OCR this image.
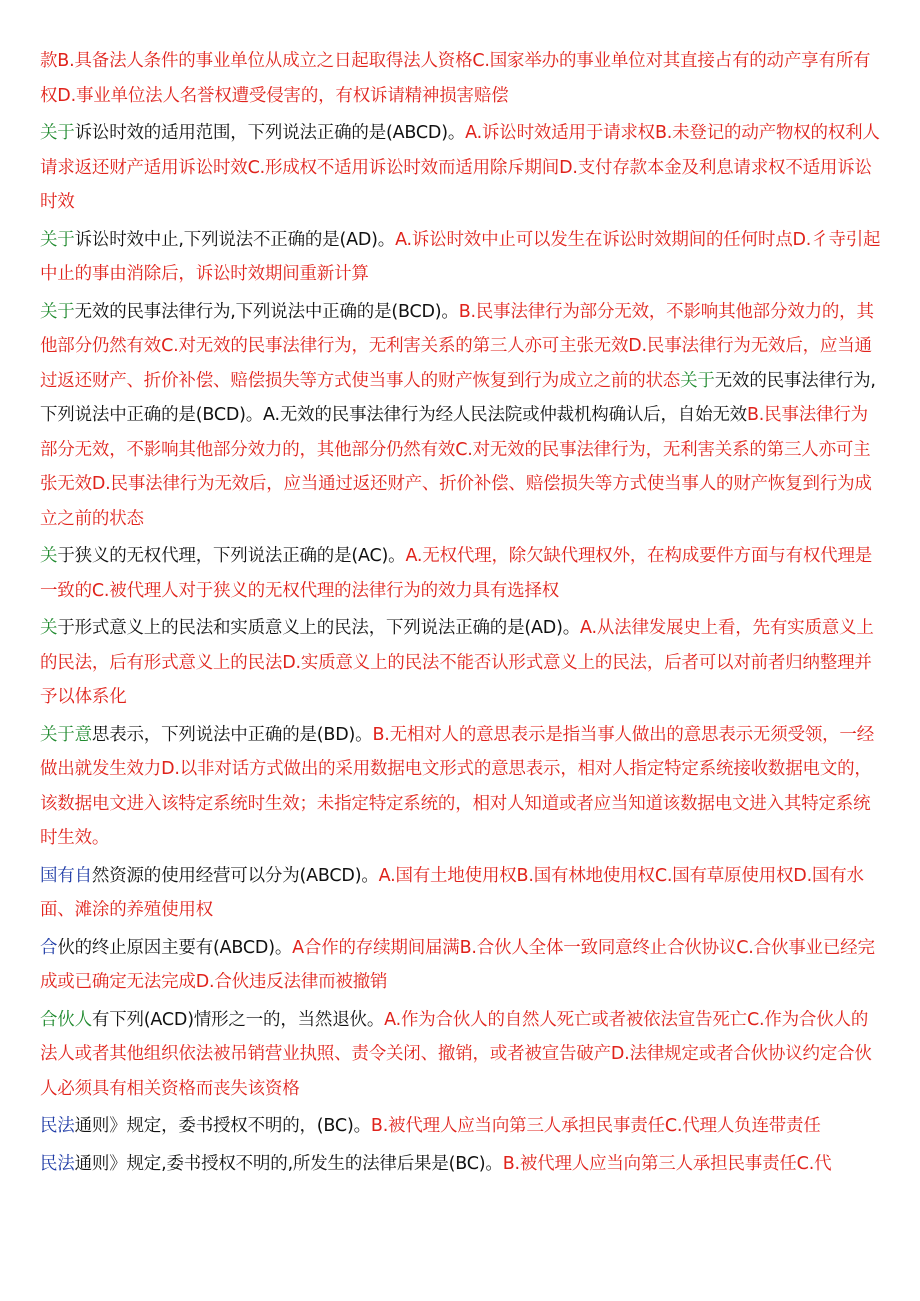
款B.具备法人条件的事业单位从成立之日起取得法人资格C.国家举办的事业单位对其直接占有的动产享有所有权D.事业单位法人名誉权遭受侵害的，有权诉请精神损害赔偿

关于诉讼时效的适用范围，下列说法正确的是(ABCD)。A.诉讼时效适用于请求权B.未登记的动产物权的权利人请求返还财产适用诉讼时效C.形成权不适用诉讼时效而适用除斥期间D.支付存款本金及利息请求权不适用诉讼时效

关于诉讼时效中止,下列说法不正确的是(AD)。A.诉讼时效中止可以发生在诉讼时效期间的任何时点D.彳寺引起中止的事由消除后，诉讼时效期间重新计算

关于无效的民事法律行为,下列说法中正确的是(BCD)。B.民事法律行为部分无效，不影响其他部分效力的，其他部分仍然有效C.对无效的民事法律行为，无利害关系的第三人亦可主张无效D.民事法律行为无效后，应当通过返还财产、折价补偿、赔偿损失等方式使当事人的财产恢复到行为成立之前的状态关于无效的民事法律行为,下列说法中正确的是(BCD)。A.无效的民事法律行为经人民法院或仲裁机构确认后，自始无效B.民事法律行为部分无效，不影响其他部分效力的，其他部分仍然有效C.对无效的民事法律行为，无利害关系的第三人亦可主张无效D.民事法律行为无效后，应当通过返还财产、折价补偿、赔偿损失等方式使当事人的财产恢复到行为成立之前的状态

关于狭义的无权代理，下列说法正确的是(AC)。A.无权代理，除欠缺代理权外，在构成要件方面与有权代理是一致的C.被代理人对于狭义的无权代理的法律行为的效力具有选择权

关于形式意义上的民法和实质意义上的民法，下列说法正确的是(AD)。A.从法律发展史上看，先有实质意义上的民法，后有形式意义上的民法D.实质意义上的民法不能否认形式意义上的民法，后者可以对前者归纳整理并予以体系化

关于意思表示，下列说法中正确的是(BD)。B.无相对人的意思表示是指当事人做出的意思表示无须受领，一经做出就发生效力D.以非对话方式做出的采用数据电文形式的意思表示，相对人指定特定系统接收数据电文的，该数据电文进入该特定系统时生效；未指定特定系统的，相对人知道或者应当知道该数据电文进入其特定系统时生效。

国有自然资源的使用经营可以分为(ABCD)。A.国有土地使用权B.国有林地使用权C.国有草原使用权D.国有水面、滩涂的养殖使用权

合伙的终止原因主要有(ABCD)。A合作的存续期间届满B.合伙人全体一致同意终止合伙协议C.合伙事业已经完成或已确定无法完成D.合伙违反法律而被撤销

合伙人有下列(ACD)情形之一的，当然退伙。A.作为合伙人的自然人死亡或者被依法宣告死亡C.作为合伙人的法人或者其他组织依法被吊销营业执照、责令关闭、撤销，或者被宣告破产D.法律规定或者合伙协议约定合伙人必须具有相关资格而丧失该资格

民法通则》规定，委书授权不明的，(BC)。B.被代理人应当向第三人承担民事责任C.代理人负连带责任

民法通则》规定,委书授权不明的,所发生的法律后果是(BC)。B.被代理人应当向第三人承担民事责任C.代
